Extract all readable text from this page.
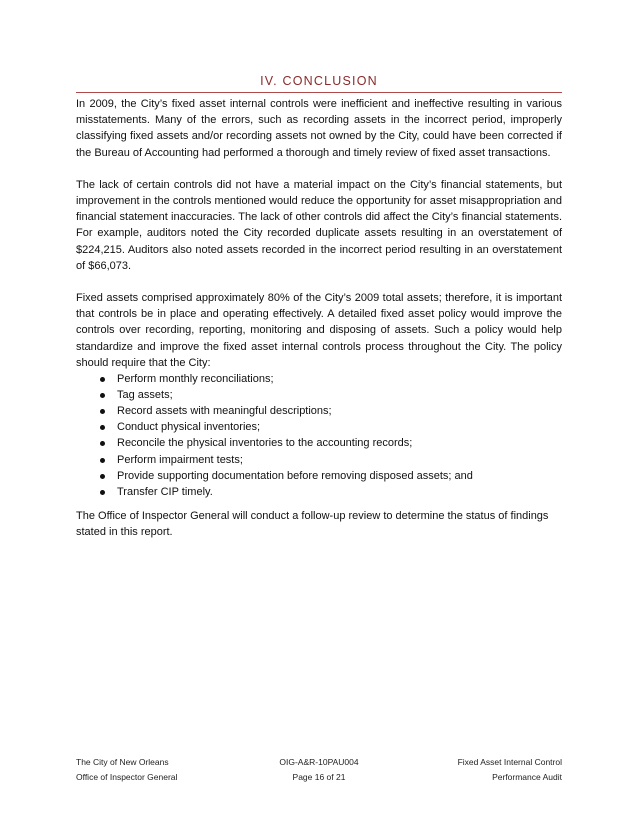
IV. CONCLUSION

In 2009, the City’s fixed asset internal controls were inefficient and ineffective resulting in various misstatements. Many of the errors, such as recording assets in the incorrect period, improperly classifying fixed assets and/or recording assets not owned by the City, could have been corrected if the Bureau of Accounting had performed a thorough and timely review of fixed asset transactions.

The lack of certain controls did not have a material impact on the City’s financial statements, but improvement in the controls mentioned would reduce the opportunity for asset misappropriation and financial statement inaccuracies. The lack of other controls did affect the City’s financial statements. For example, auditors noted the City recorded duplicate assets resulting in an overstatement of $224,215. Auditors also noted assets recorded in the incorrect period resulting in an overstatement of $66,073.

Fixed assets comprised approximately 80% of the City’s 2009 total assets; therefore, it is important that controls be in place and operating effectively. A detailed fixed asset policy would improve the controls over recording, reporting, monitoring and disposing of assets. Such a policy would help standardize and improve the fixed asset internal controls process throughout the City. The policy should require that the City:

Perform monthly reconciliations;
Tag assets;
Record assets with meaningful descriptions;
Conduct physical inventories;
Reconcile the physical inventories to the accounting records;
Perform impairment tests;
Provide supporting documentation before removing disposed assets; and
Transfer CIP timely.

The Office of Inspector General will conduct a follow-up review to determine the status of findings stated in this report.

The City of New Orleans
Office of Inspector General
OIG-A&R-10PAU004
Page 16 of 21
Fixed Asset Internal Control
Performance Audit
